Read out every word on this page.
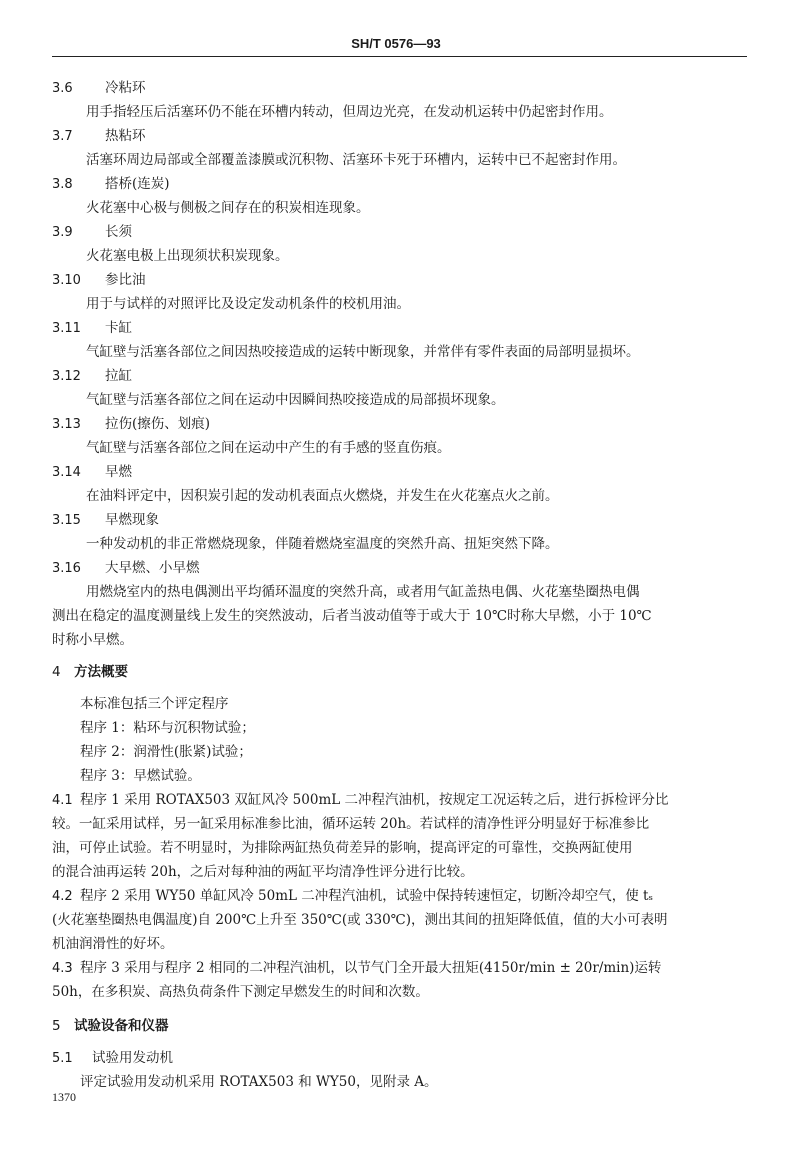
SH/T 0576—93
3.6 冷粘环
用手指轻压后活塞环仍不能在环槽内转动，但周边光亮，在发动机运转中仍起密封作用。
3.7 热粘环
活塞环周边局部或全部覆盖漆膜或沉积物、活塞环卡死于环槽内，运转中已不起密封作用。
3.8 搭桥(连炭)
火花塞中心极与侧极之间存在的积炭相连现象。
3.9 长须
火花塞电极上出现须状积炭现象。
3.10 参比油
用于与试样的对照评比及设定发动机条件的校机用油。
3.11 卡缸
气缸壁与活塞各部位之间因热咬接造成的运转中断现象，并常伴有零件表面的局部明显损坏。
3.12 拉缸
气缸壁与活塞各部位之间在运动中因瞬间热咬接造成的局部损坏现象。
3.13 拉伤(擦伤、划痕)
气缸壁与活塞各部位之间在运动中产生的有手感的竖直伤痕。
3.14 早燃
在油料评定中，因积炭引起的发动机表面点火燃烧，并发生在火花塞点火之前。
3.15 早燃现象
一种发动机的非正常燃烧现象，伴随着燃烧室温度的突然升高、扭矩突然下降。
3.16 大早燃、小早燃
用燃烧室内的热电偶测出平均循环温度的突然升高，或者用气缸盖热电偶、火花塞垫圈热电偶
测出在稳定的温度测量线上发生的突然波动，后者当波动值等于或大于 10℃时称大早燃，小于 10℃
时称小早燃。
4 方法概要
本标准包括三个评定程序
程序 1：粘环与沉积物试验；
程序 2：润滑性(胀紧)试验；
程序 3：早燃试验。
4.1 程序 1 采用 ROTAX503 双缸风冷 500mL 二冲程汽油机，按规定工况运转之后，进行拆检评分比
较。一缸采用试样，另一缸采用标准参比油，循环运转 20h。若试样的清净性评分明显好于标准参比
油，可停止试验。若不明显时，为排除两缸热负荷差异的影响，提高评定的可靠性，交换两缸使用
的混合油再运转 20h，之后对每种油的两缸平均清净性评分进行比较。
4.2 程序 2 采用 WY50 单缸风冷 50mL 二冲程汽油机，试验中保持转速恒定，切断冷却空气，使 tₛ
(火花塞垫圈热电偶温度)自 200℃上升至 350℃(或 330℃)，测出其间的扭矩降低值，值的大小可表明
机油润滑性的好坏。
4.3 程序 3 采用与程序 2 相同的二冲程汽油机，以节气门全开最大扭矩(4150r/min ± 20r/min)运转
50h，在多积炭、高热负荷条件下测定早燃发生的时间和次数。
5 试验设备和仪器
5.1 试验用发动机
评定试验用发动机采用 ROTAX503 和 WY50，见附录 A。
1370
